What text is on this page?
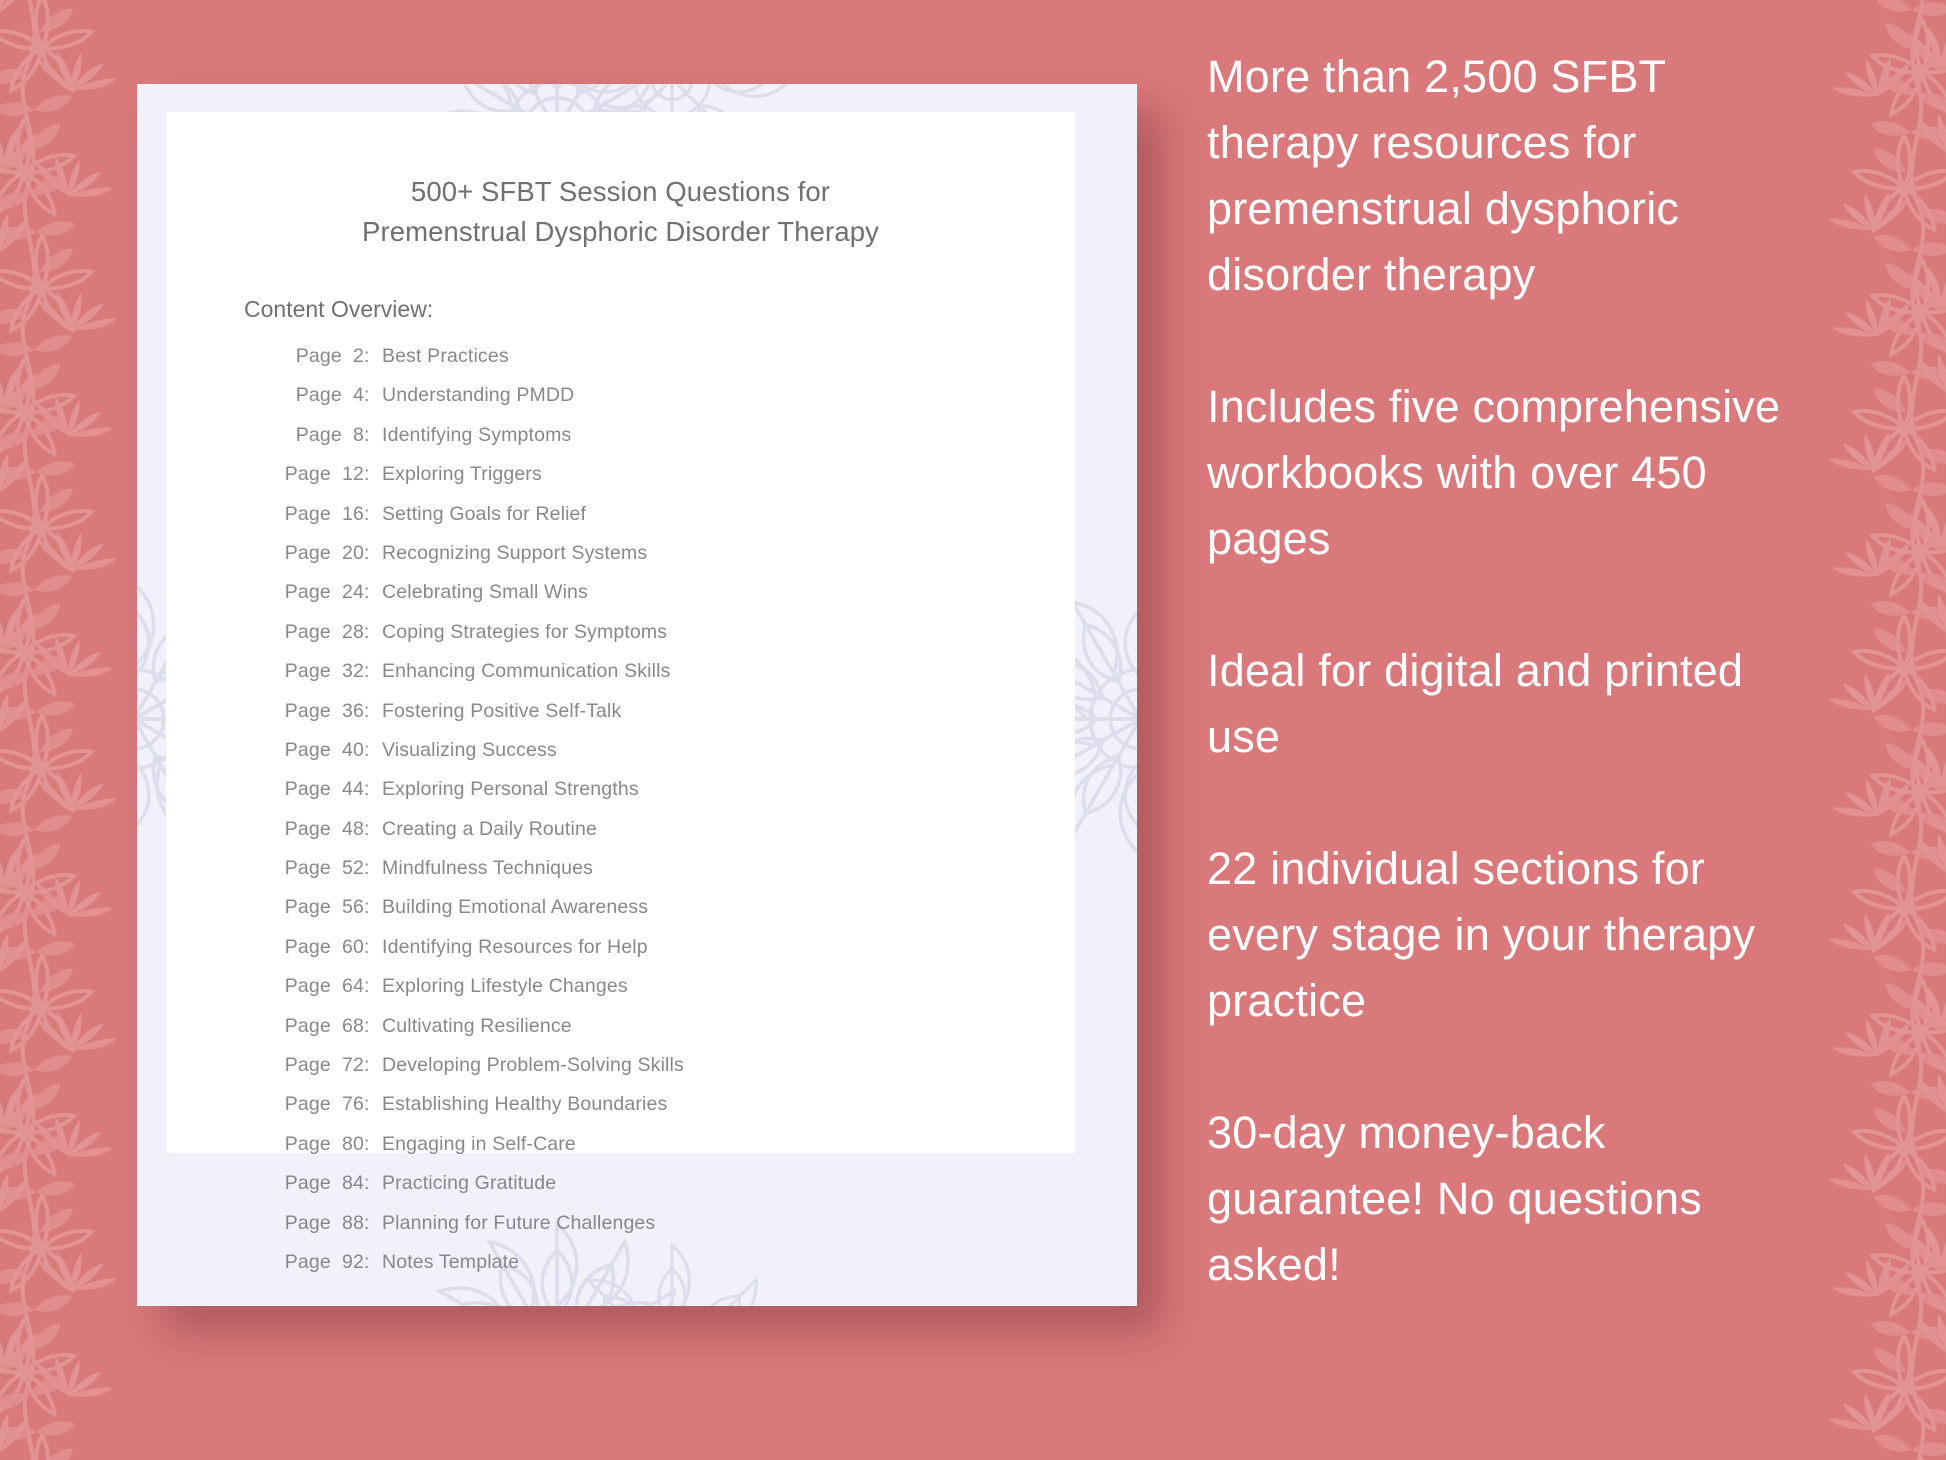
500+ SFBT Session Questions for
Premenstrual Dysphoric Disorder Therapy
Content Overview:
Page  2 : Best Practices
Page  4 : Understanding PMDD
Page  8 : Identifying Symptoms
Page  12 : Exploring Triggers
Page  16 : Setting Goals for Relief
Page  20 : Recognizing Support Systems
Page  24 : Celebrating Small Wins
Page  28 : Coping Strategies for Symptoms
Page  32 : Enhancing Communication Skills
Page  36 : Fostering Positive Self-Talk
Page  40 : Visualizing Success
Page  44 : Exploring Personal Strengths
Page  48 : Creating a Daily Routine
Page  52 : Mindfulness Techniques
Page  56 : Building Emotional Awareness
Page  60 : Identifying Resources for Help
Page  64 : Exploring Lifestyle Changes
Page  68 : Cultivating Resilience
Page  72 : Developing Problem-Solving Skills
Page  76 : Establishing Healthy Boundaries
Page  80 : Engaging in Self-Care
Page  84 : Practicing Gratitude
Page  88 : Planning for Future Challenges
Page  92 : Notes Template
More than 2,500 SFBT therapy resources for premenstrual dysphoric disorder therapy
Includes five comprehensive workbooks with over 450 pages
Ideal for digital and printed use
22 individual sections for every stage in your therapy practice
30-day money-back guarantee! No questions asked!
